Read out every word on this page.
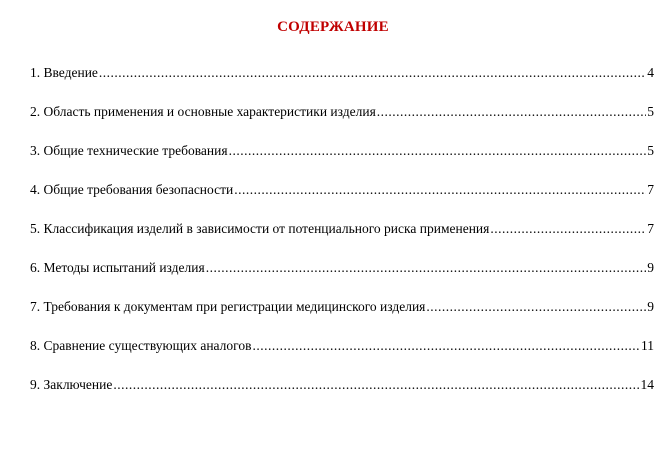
СОДЕРЖАНИЕ
1. Введение .....	4
2. Область применения и основные характеристики изделия .....	5
3. Общие технические требования .....	5
4. Общие требования безопасности .....	7
5. Классификация изделий в зависимости от потенциального риска применения .....	7
6. Методы испытаний изделия .....	9
7. Требования к документам при регистрации медицинского изделия .....	9
8. Сравнение существующих аналогов .....	11
9. Заключение .....	14
